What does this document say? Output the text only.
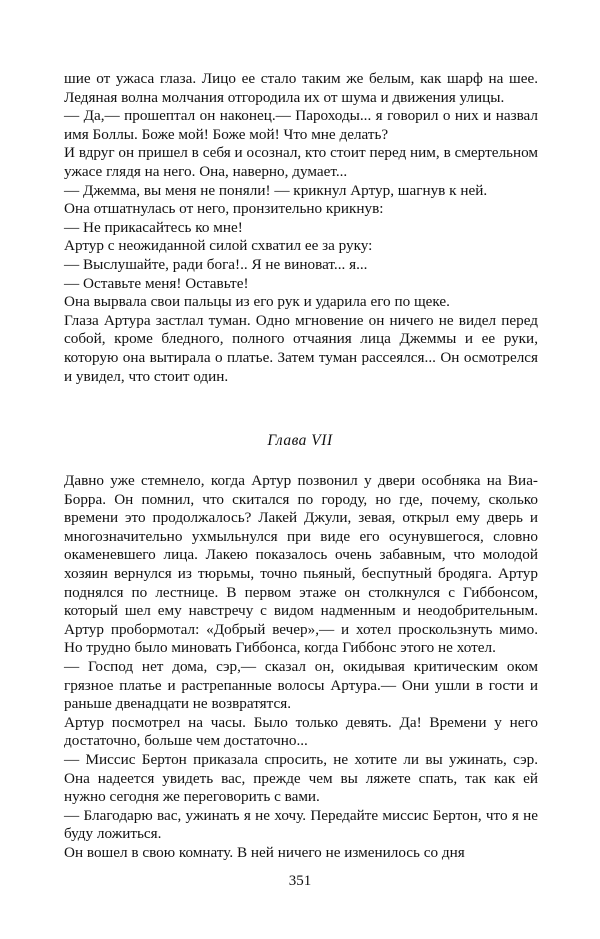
шие от ужаса глаза. Лицо ее стало таким же белым, как шарф на шее. Ледяная волна молчания отгородила их от шума и движения улицы.

— Да,— прошептал он наконец.— Пароходы... я говорил о них и назвал имя Боллы. Боже мой! Боже мой! Что мне делать?

И вдруг он пришел в себя и осознал, кто стоит перед ним, в смертельном ужасе глядя на него. Она, наверно, думает...

— Джемма, вы меня не поняли! — крикнул Артур, шагнув к ней.

Она отшатнулась от него, пронзительно крикнув:

— Не прикасайтесь ко мне!

Артур с неожиданной силой схватил ее за руку:

— Выслушайте, ради бога!.. Я не виноват... я...

— Оставьте меня! Оставьте!

Она вырвала свои пальцы из его рук и ударила его по щеке.

Глаза Артура застлал туман. Одно мгновение он ничего не видел перед собой, кроме бледного, полного отчаяния лица Джеммы и ее руки, которую она вытирала о платье. Затем туман рассеялся... Он осмотрелся и увидел, что стоит один.

Глава VII

Давно уже стемнело, когда Артур позвонил у двери особняка на Виа-Борра. Он помнил, что скитался по городу, но где, почему, сколько времени это продолжалось? Лакей Джули, зевая, открыл ему дверь и многозначительно ухмыльнулся при виде его осунувшегося, словно окаменевшего лица. Лакею показалось очень забавным, что молодой хозяин вернулся из тюрьмы, точно пьяный, беспутный бродяга. Артур поднялся по лестнице. В первом этаже он столкнулся с Гиббонсом, который шел ему навстречу с видом надменным и неодобрительным. Артур пробормотал: «Добрый вечер»,— и хотел проскользнуть мимо. Но трудно было миновать Гиббонса, когда Гиббонс этого не хотел.

— Господ нет дома, сэр,— сказал он, окидывая критическим оком грязное платье и растрепанные волосы Артура.— Они ушли в гости и раньше двенадцати не возвратятся.

Артур посмотрел на часы. Было только девять. Да! Времени у него достаточно, больше чем достаточно...

— Миссис Бертон приказала спросить, не хотите ли вы ужинать, сэр. Она надеется увидеть вас, прежде чем вы ляжете спать, так как ей нужно сегодня же переговорить с вами.

— Благодарю вас, ужинать я не хочу. Передайте миссис Бертон, что я не буду ложиться.

Он вошел в свою комнату. В ней ничего не изменилось со дня

351
